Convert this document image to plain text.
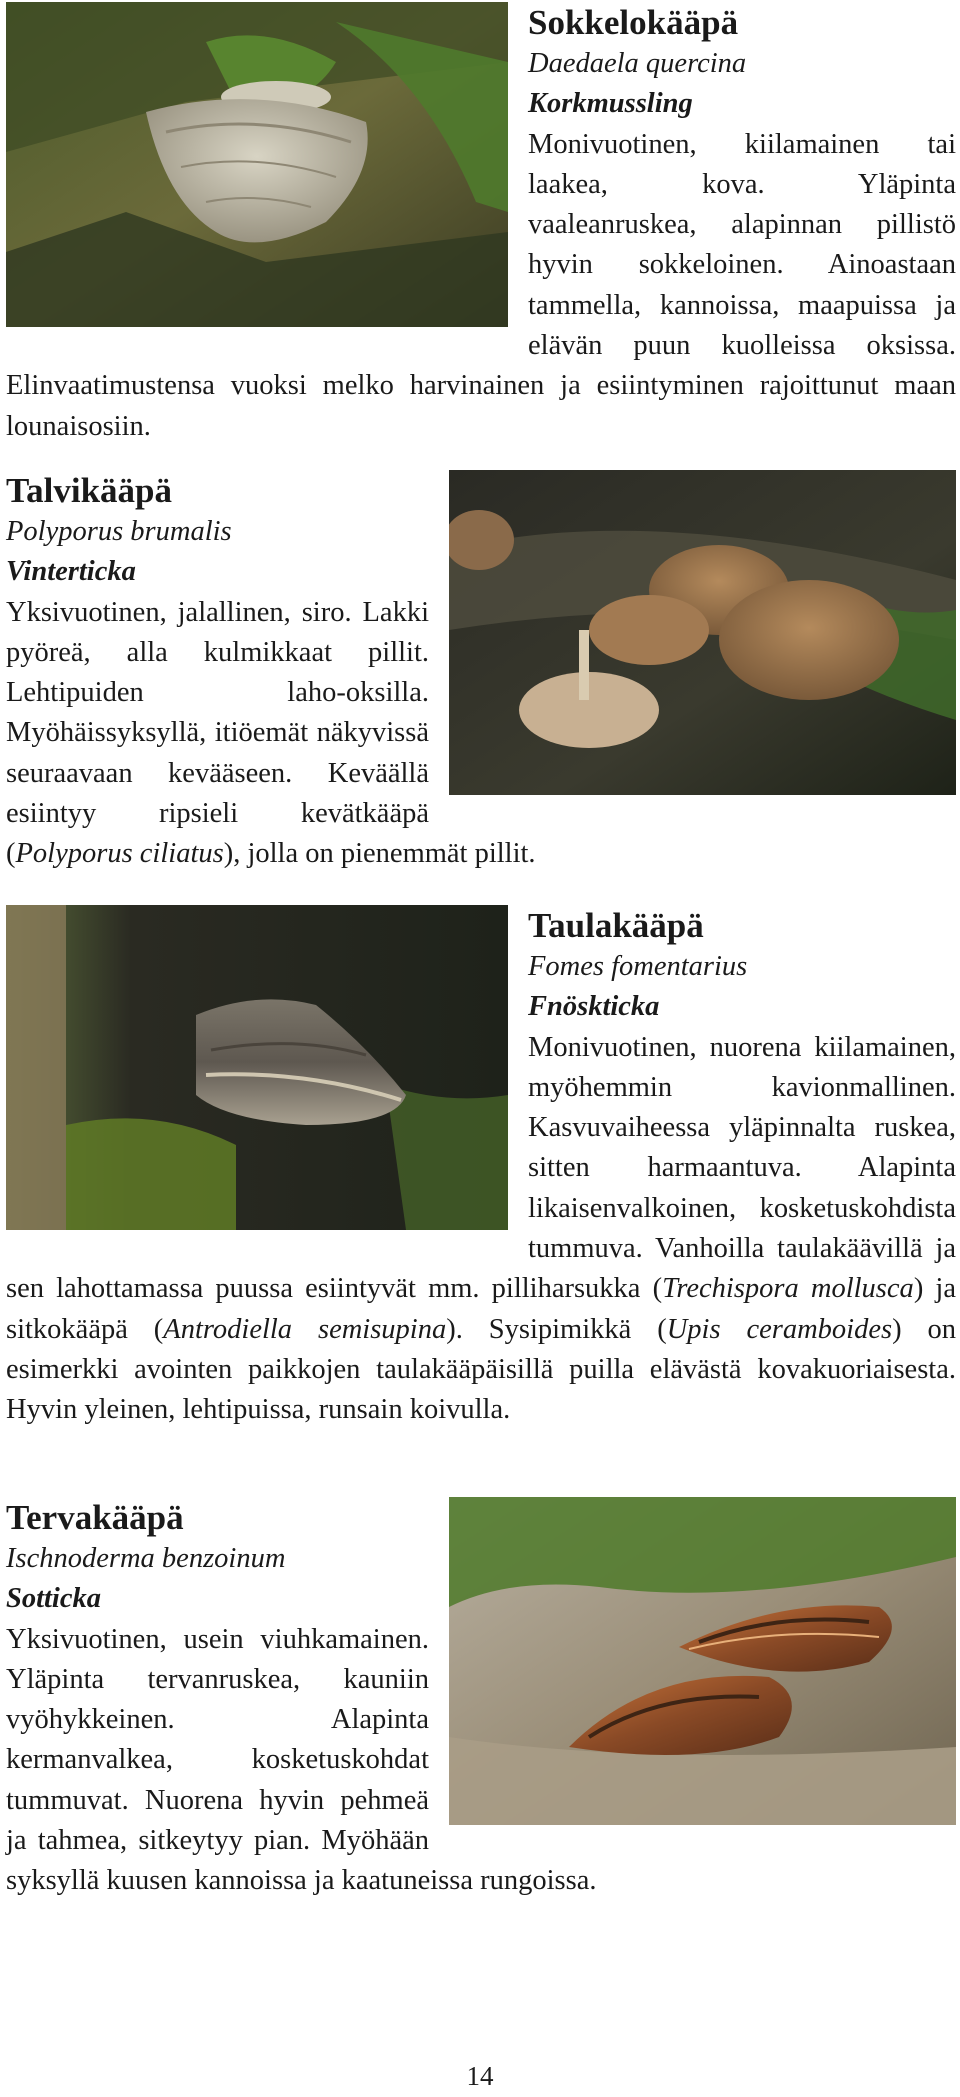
Sokkelokääpä
Daedaela quercina
Korkmussling
Monivuotinen, kiilamainen tai laakea, kova. Yläpinta vaaleanruskea, alapinnan pillistö hyvin sokkeloinen. Ainoastaan tammella, kannoissa, maapuissa ja elävän puun kuolleissa oksissa. Elinvaatimustensa vuoksi melko harvinainen ja esiintyminen rajoittunut maan lounaisosiin.
Talvikääpä
Polyporus brumalis
Vinterticka
Yksivuotinen, jalallinen, siro. Lakki pyöreä, alla kulmikkaat pillit. Lehtipuiden laho-oksilla. Myöhäissyksyllä, itiöemät näkyvissä seuraavaan kevääseen. Keväällä esiintyy ripsieli kevätkääpä (Polyporus ciliatus), jolla on pienemmät pillit.
Taulakääpä
Fomes fomentarius
Fnöskticka
Monivuotinen, nuorena kiilamainen, myöhemmin kavionmallinen. Kasvuvaiheessa yläpinnalta ruskea, sitten harmaantuva. Alapinta likaisenvalkoinen, kosketuskohdista tummuva. Vanhoilla taulakäävillä ja sen lahottamassa puussa esiintyvät mm. pilliharsukka (Trechispora mollusca) ja sitkokääpä (Antrodiella semisupina). Sysipimikkä (Upis ceramboides) on esimerkki avointen paikkojen taulakääpäisillä puilla elävästä kovakuoriaisesta. Hyvin yleinen, lehtipuissa, runsain koivulla.
Tervakääpä
Ischnoderma benzoinum
Sotticka
Yksivuotinen, usein viuhkamainen. Yläpinta tervanruskea, kauniin vyöhykkeinen. Alapinta kermanvalkea, kosketuskohdat tummuvat. Nuorena hyvin pehmeä ja tahmea, sitkeytyy pian. Myöhään syksyllä kuusen kannoissa ja kaatuneissa rungoissa.
14
